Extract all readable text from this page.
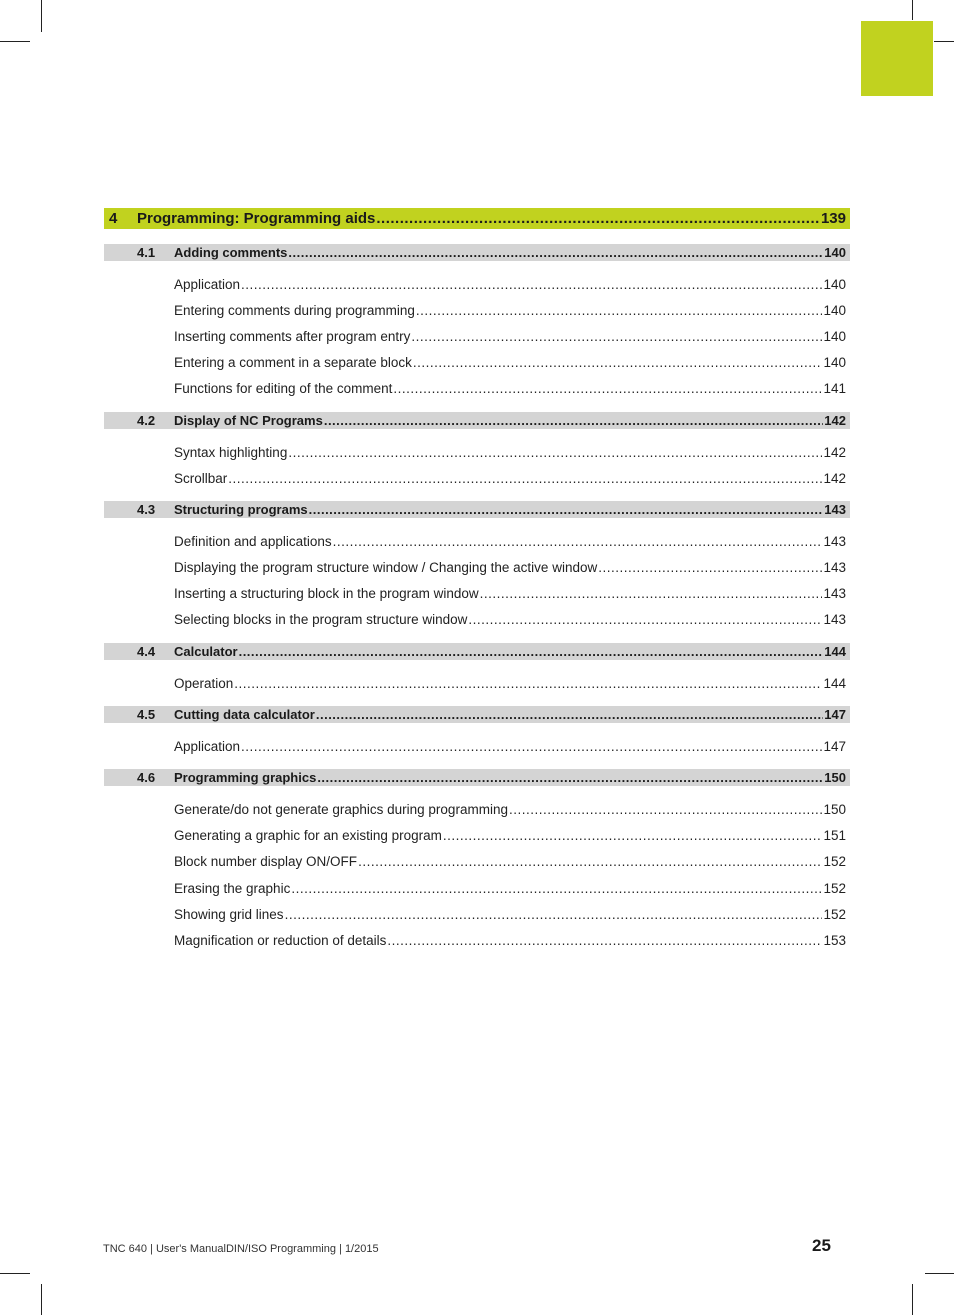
4	Programming: Programming aids .....	139
4.1	Adding comments .....	140
Application .....	140
Entering comments during programming .....	140
Inserting comments after program entry .....	140
Entering a comment in a separate block .....	140
Functions for editing of the comment .....	141
4.2	Display of NC Programs .....	142
Syntax highlighting .....	142
Scrollbar .....	142
4.3	Structuring programs .....	143
Definition and applications .....	143
Displaying the program structure window / Changing the active window .....	143
Inserting a structuring block in the program window .....	143
Selecting blocks in the program structure window .....	143
4.4	Calculator .....	144
Operation .....	144
4.5	Cutting data calculator .....	147
Application .....	147
4.6	Programming graphics .....	150
Generate/do not generate graphics during programming .....	150
Generating a graphic for an existing program .....	151
Block number display ON/OFF .....	152
Erasing the graphic .....	152
Showing grid lines .....	152
Magnification or reduction of details .....	153
TNC 640 | User's ManualDIN/ISO Programming | 1/2015	25
